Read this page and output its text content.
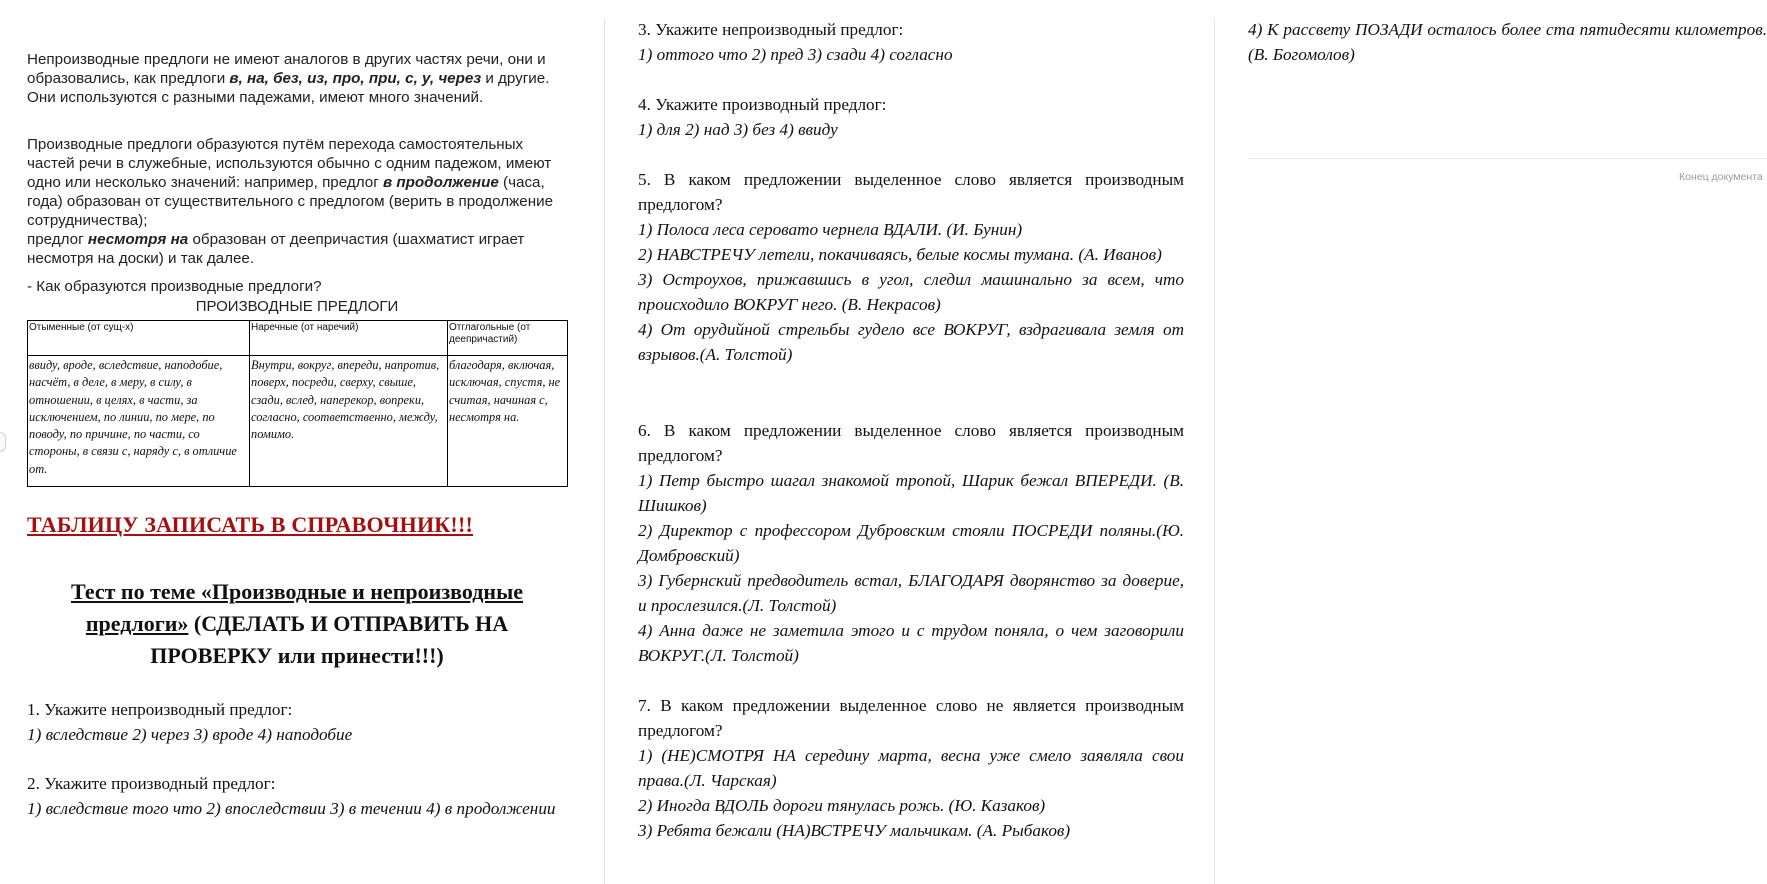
Непроизводные предлоги не имеют аналогов в других частях речи, они и образовались, как предлоги в, на, без, из, про, при, с, у, через и другие. Они используются с разными падежами, имеют много значений.
Производные предлоги образуются путём перехода самостоятельных частей речи в служебные, используются обычно с одним падежом, имеют одно или несколько значений: например, предлог в продолжение (часа, года) образован от существительного с предлогом (верить в продолжение сотрудничества);
предлог несмотря на образован от деепричастия (шахматист играет несмотря на доски) и так далее.
- Как образуются производные предлоги?
ПРОИЗВОДНЫЕ ПРЕДЛОГИ
Отыменные (от сущ-х)	Наречные (от наречий)	Отглагольные (от деепричастий)
ввиду, вроде, вследствие, наподобие, насчёт, в деле, в меру, в силу, в отношении, в целях, в части, за исключением, по линии, по мере, по поводу, по причине, по части, со стороны, в связи с, наряду с, в отличие от.	Внутри, вокруг, впереди, напротив, поверх, посреди, сверху, свыше, сзади, вслед, наперекор, вопреки, согласно, соответственно, между, помимо.	благодаря, включая, исключая, спустя, не считая, начиная с, несмотря на.
ТАБЛИЦУ ЗАПИСАТЬ В СПРАВОЧНИК!!!
Тест по теме «Производные и непроизводные предлоги» (СДЕЛАТЬ И ОТПРАВИТЬ НА ПРОВЕРКУ или принести!!!)
1. Укажите непроизводный предлог:
1) вследствие 2) через 3) вроде 4) наподобие
2. Укажите производный предлог:
1) вследствие того что 2) впоследствии 3) в течении 4) в продолжении
3. Укажите непроизводный предлог:
1) оттого что 2) пред 3) сзади 4) согласно
4. Укажите производный предлог:
1) для 2) над 3) без 4) ввиду
5. В каком предложении выделенное слово является производным предлогом?
1) Полоса леса серовато чернела ВДАЛИ. (И. Бунин)
2) НАВСТРЕЧУ летели, покачиваясь, белые космы тумана. (А. Иванов)
3) Остроухов, прижавшись в угол, следил машинально за всем, что происходило ВОКРУГ него. (В. Некрасов)
4) От орудийной стрельбы гудело все ВОКРУГ, вздрагивала земля от взрывов.(А. Толстой)
6. В каком предложении выделенное слово является производным предлогом?
1) Петр быстро шагал знакомой тропой, Шарик бежал ВПЕРЕДИ. (В. Шишков)
2) Директор с профессором Дубровским стояли ПОСРЕДИ поляны.(Ю. Домбровский)
3) Губернский предводитель встал, БЛАГОДАРЯ дворянство за доверие, и прослезился.(Л. Толстой)
4) Анна даже не заметила этого и с трудом поняла, о чем заговорили ВОКРУГ.(Л. Толстой)
7. В каком предложении выделенное слово не является производным предлогом?
1) (НЕ)СМОТРЯ НА середину марта, весна уже смело заявляла свои права.(Л. Чарская)
2) Иногда ВДОЛЬ дороги тянулась рожь. (Ю. Казаков)
3) Ребята бежали (НА)ВСТРЕЧУ мальчикам. (А. Рыбаков)
4) К рассвету ПОЗАДИ осталось более ста пятидесяти километров. (В. Богомолов)
Конец документа
